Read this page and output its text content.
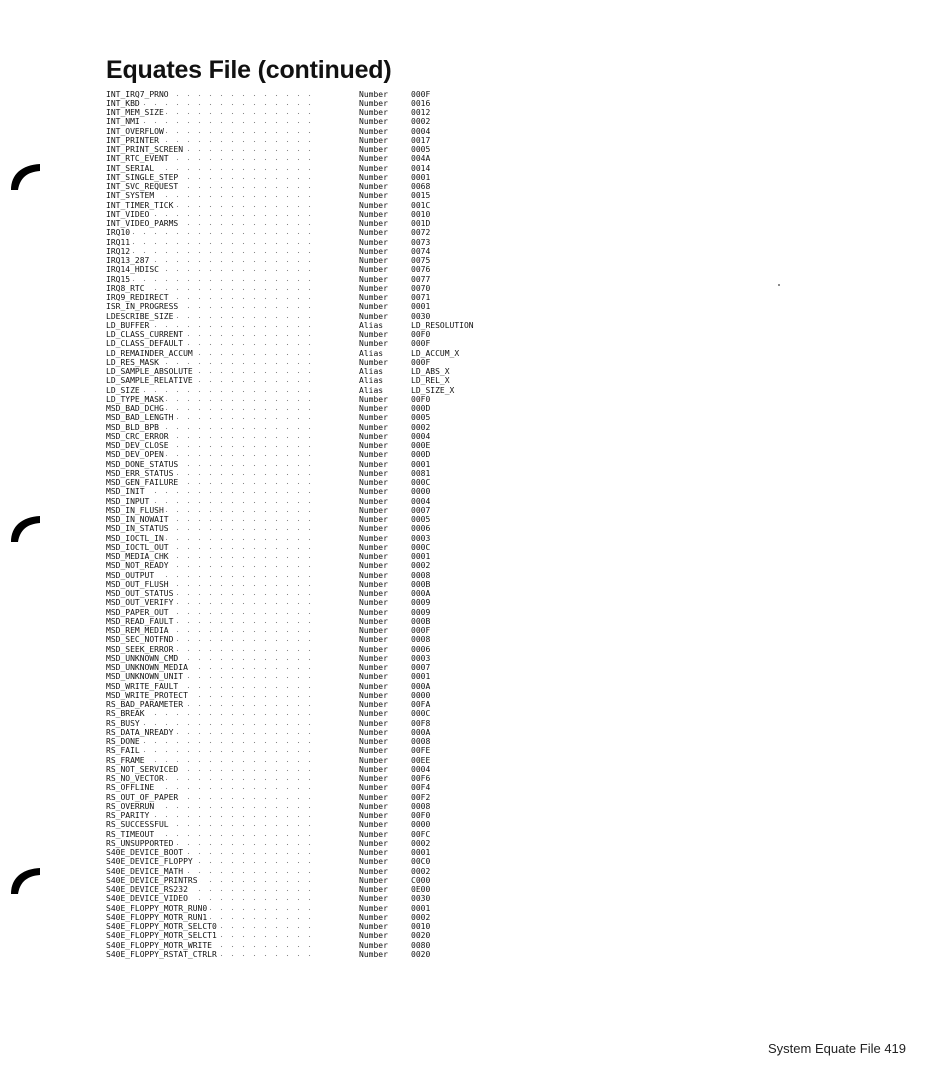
Equates File (continued)
INT_IRQ7_PRNO	Number	000F
INT_KBD	Number	0016
INT_MEM_SIZE	Number	0012
INT_NMI	Number	0002
INT_OVERFLOW	Number	0004
INT_PRINTER	Number	0017
INT_PRINT_SCREEN	Number	0005
INT_RTC_EVENT	Number	004A
INT_SERIAL	Number	0014
INT_SINGLE_STEP	Number	0001
INT_SVC_REQUEST	Number	0068
INT_SYSTEM	Number	0015
INT_TIMER_TICK	Number	001C
INT_VIDEO	Number	0010
INT_VIDEO_PARMS	Number	001D
IRQ10	Number	0072
IRQ11	Number	0073
IRQ12	Number	0074
IRQ13_287	Number	0075
IRQ14_HDISC	Number	0076
IRQ15	Number	0077
IRQ8_RTC	Number	0070
IRQ9_REDIRECT	Number	0071
ISR_IN_PROGRESS	Number	0001
LDESCRIBE_SIZE	Number	0030
LD_BUFFER	Alias	LD_RESOLUTION
LD_CLASS_CURRENT	Number	00F0
LD_CLASS_DEFAULT	Number	000F
LD_REMAINDER_ACCUM	Alias	LD_ACCUM_X
LD_RES_MASK	Number	000F
LD_SAMPLE_ABSOLUTE	Alias	LD_ABS_X
LD_SAMPLE_RELATIVE	Alias	LD_REL_X
LD_SIZE	Alias	LD_SIZE_X
LD_TYPE_MASK	Number	00F0
MSD_BAD_DCHG	Number	000D
MSD_BAD_LENGTH	Number	0005
MSD_BLD_BPB	Number	0002
MSD_CRC_ERROR	Number	0004
MSD_DEV_CLOSE	Number	000E
MSD_DEV_OPEN	Number	000D
MSD_DONE_STATUS	Number	0001
MSD_ERR_STATUS	Number	0081
MSD_GEN_FAILURE	Number	000C
MSD_INIT	Number	0000
MSD_INPUT	Number	0004
MSD_IN_FLUSH	Number	0007
MSD_IN_NOWAIT	Number	0005
MSD_IN_STATUS	Number	0006
MSD_IOCTL_IN	Number	0003
MSD_IOCTL_OUT	Number	000C
MSD_MEDIA_CHK	Number	0001
MSD_NOT_READY	Number	0002
MSD_OUTPUT	Number	0008
MSD_OUT_FLUSH	Number	000B
MSD_OUT_STATUS	Number	000A
MSD_OUT_VERIFY	Number	0009
MSD_PAPER_OUT	Number	0009
MSD_READ_FAULT	Number	000B
MSD_REM_MEDIA	Number	000F
MSD_SEC_NOTFND	Number	0008
MSD_SEEK_ERROR	Number	0006
MSD_UNKNOWN_CMD	Number	0003
MSD_UNKNOWN_MEDIA	Number	0007
MSD_UNKNOWN_UNIT	Number	0001
MSD_WRITE_FAULT	Number	000A
MSD_WRITE_PROTECT	Number	0000
RS_BAD_PARAMETER	Number	00FA
RS_BREAK	Number	000C
RS_BUSY	Number	00F8
RS_DATA_NREADY	Number	000A
RS_DONE	Number	0008
RS_FAIL	Number	00FE
RS_FRAME	Number	00EE
RS_NOT_SERVICED	Number	0004
RS_NO_VECTOR	Number	00F6
RS_OFFLINE	Number	00F4
RS_OUT_OF_PAPER	Number	00F2
RS_OVERRUN	Number	0008
RS_PARITY	Number	00F0
RS_SUCCESSFUL	Number	0000
RS_TIMEOUT	Number	00FC
RS_UNSUPPORTED	Number	0002
S40E_DEVICE_BOOT	Number	0001
S40E_DEVICE_FLOPPY	Number	00C0
S40E_DEVICE_MATH	Number	0002
S40E_DEVICE_PRINTRS	Number	C000
S40E_DEVICE_RS232	Number	0E00
S40E_DEVICE_VIDEO	Number	0030
S40E_FLOPPY_MOTR_RUN0	Number	0001
S40E_FLOPPY_MOTR_RUN1	Number	0002
S40E_FLOPPY_MOTR_SELCT0	Number	0010
S40E_FLOPPY_MOTR_SELCT1	Number	0020
S40E_FLOPPY_MOTR_WRITE	Number	0080
S40E_FLOPPY_RSTAT_CTRLR	Number	0020
System Equate File 419
